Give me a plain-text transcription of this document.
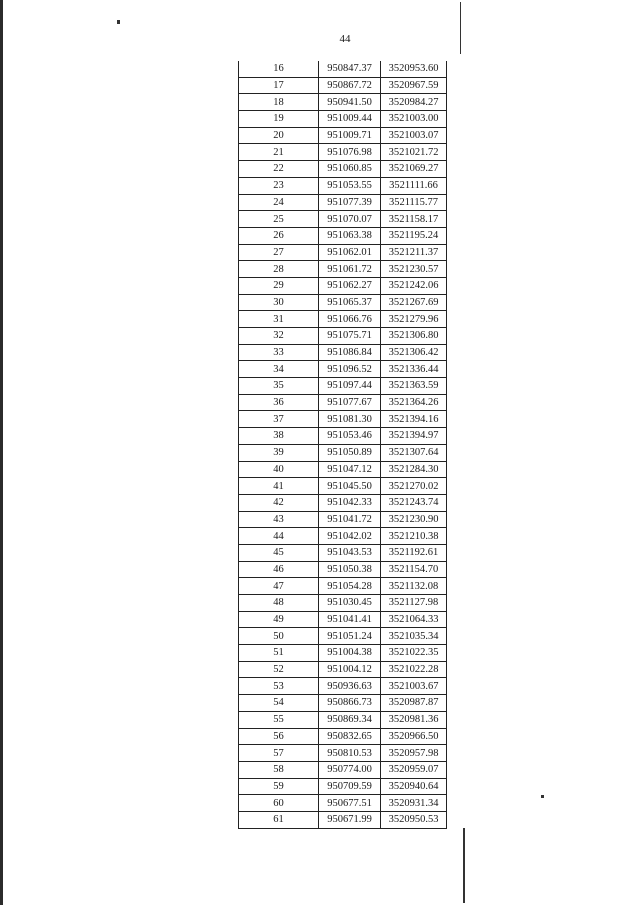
44
16	950847.37	3520953.60
17	950867.72	3520967.59
18	950941.50	3520984.27
19	951009.44	3521003.00
20	951009.71	3521003.07
21	951076.98	3521021.72
22	951060.85	3521069.27
23	951053.55	3521111.66
24	951077.39	3521115.77
25	951070.07	3521158.17
26	951063.38	3521195.24
27	951062.01	3521211.37
28	951061.72	3521230.57
29	951062.27	3521242.06
30	951065.37	3521267.69
31	951066.76	3521279.96
32	951075.71	3521306.80
33	951086.84	3521306.42
34	951096.52	3521336.44
35	951097.44	3521363.59
36	951077.67	3521364.26
37	951081.30	3521394.16
38	951053.46	3521394.97
39	951050.89	3521307.64
40	951047.12	3521284.30
41	951045.50	3521270.02
42	951042.33	3521243.74
43	951041.72	3521230.90
44	951042.02	3521210.38
45	951043.53	3521192.61
46	951050.38	3521154.70
47	951054.28	3521132.08
48	951030.45	3521127.98
49	951041.41	3521064.33
50	951051.24	3521035.34
51	951004.38	3521022.35
52	951004.12	3521022.28
53	950936.63	3521003.67
54	950866.73	3520987.87
55	950869.34	3520981.36
56	950832.65	3520966.50
57	950810.53	3520957.98
58	950774.00	3520959.07
59	950709.59	3520940.64
60	950677.51	3520931.34
61	950671.99	3520950.53
